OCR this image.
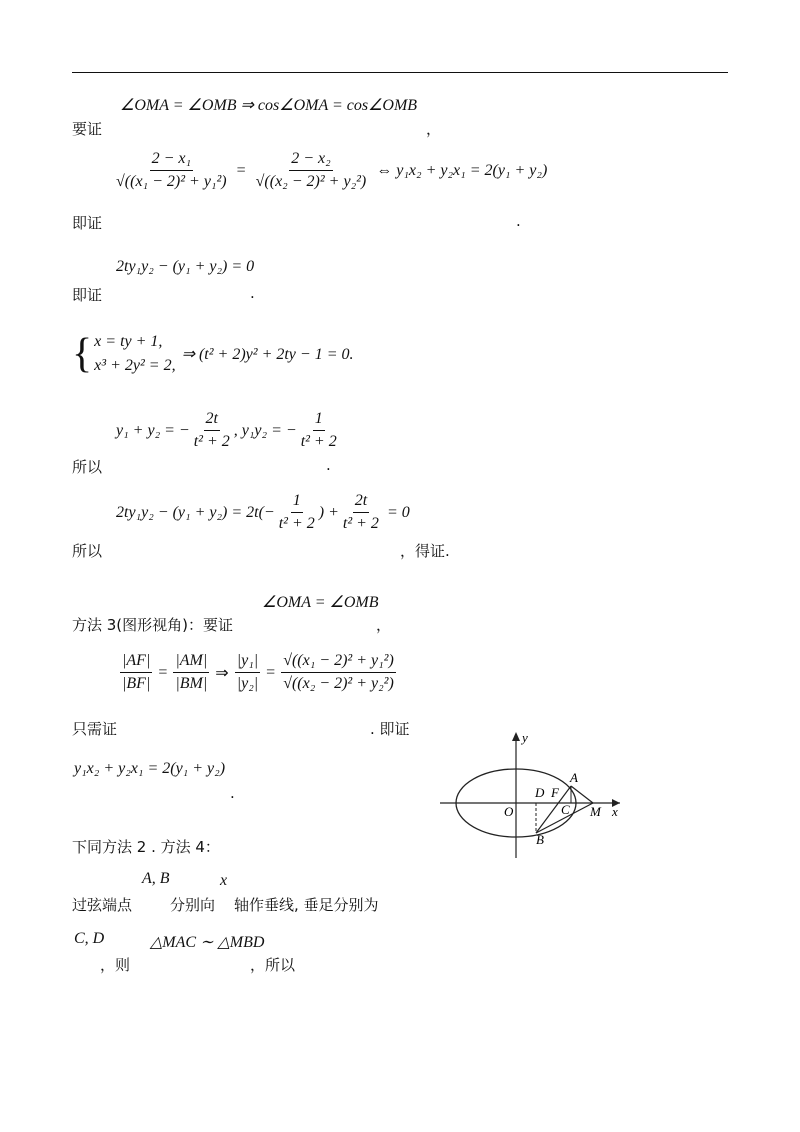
∠OMA = ∠OMB ⇒ cos∠OMA = cos∠OMB
要证	，
$\frac{\text{2 − x₁}}{\text{√((x₁ − 2)² + y₁²)}} = \frac{\text{2 − x₂}}{\text{√((x₂ − 2)² + y₂²)}}$ ⇔ y₁x₂ + y₂x₁ = 2(y₁ + y₂)
即证	.
2ty₁y₂ − (y₁ + y₂) = 0
即证	.
{ x = ty + 1,
x³ + 2y² = 2,
⇒ (t² + 2)y² + 2ty − 1 = 0.
y₁ + y₂ = − $\frac{2t}{\text{t² + 2}}$ , y₁y₂ = − $\frac{1}{\text{t² + 2}}$
所以	.
$2ty_1y_2 - (y_1 + y_2) = 2t(- \frac{1}{\text{t² + 2}}$ ) + $\frac{2t}{\text{t² + 2}} = 0$
所以	，得证.
∠OMA = ∠OMB
方法 3(图形视角)：要证	，
$\frac{|AF|}{|BF|} = \frac{|AM|}{|BM|}$ ⇒ $\frac{\text{|y₁|}}{\text{|y₂|}} = \frac{\text{√((x₁ − 2)² + y₁²)}}{\text{√((x₂ − 2)² + y₂²)}}$
只需证	. 即证
y₁x₂ + y₂x₁ = 2(y₁ + y₂)
.
y
x
O
A
B
C
D F
M
下同方法 2 . 方法 4：
A, B	x
过弦端点	分别向 轴作垂线, 垂足分别为
C, D	△MAC ∼ △MBD
，则	，所以
